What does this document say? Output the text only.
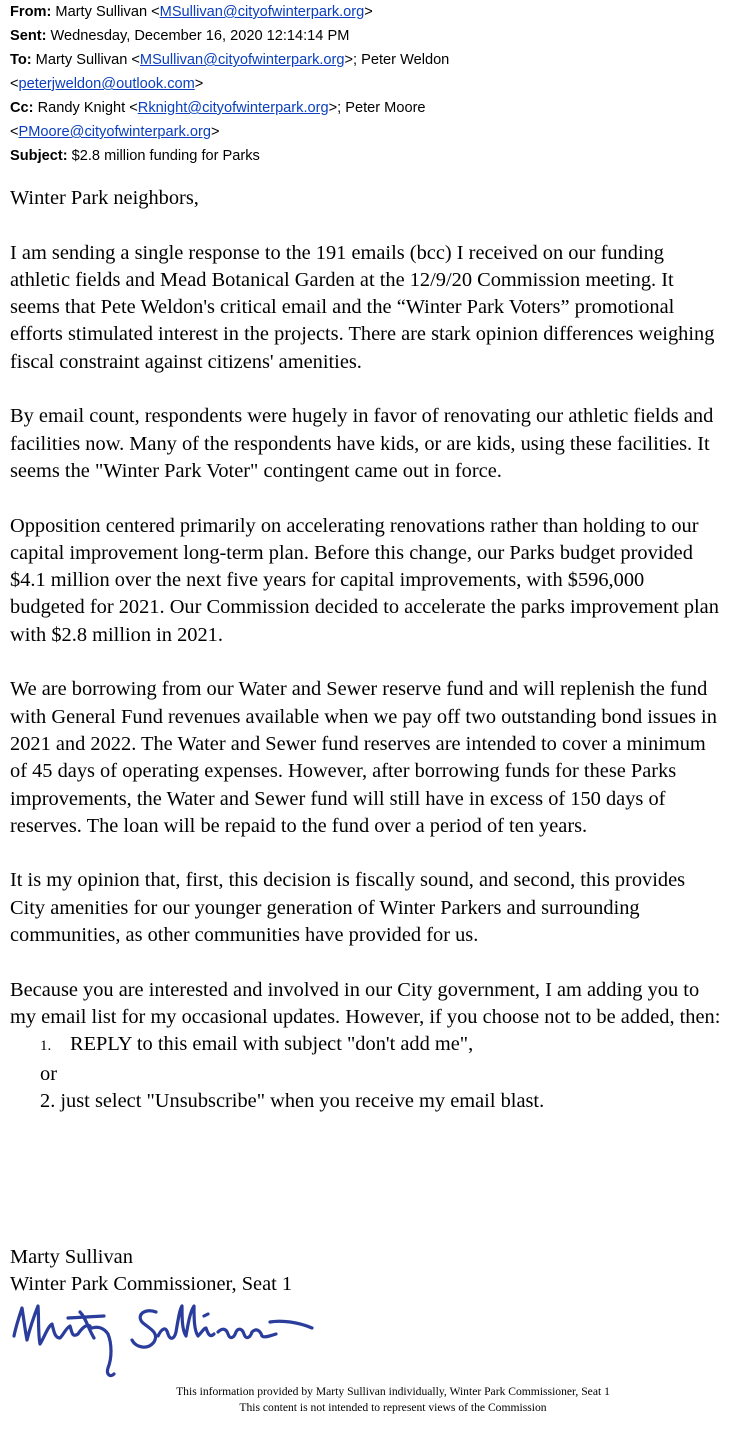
From: Marty Sullivan <MSullivan@cityofwinterpark.org>
Sent: Wednesday, December 16, 2020 12:14:14 PM
To: Marty Sullivan <MSullivan@cityofwinterpark.org>; Peter Weldon
<peterjweldon@outlook.com>
Cc: Randy Knight <Rknight@cityofwinterpark.org>; Peter Moore
<PMoore@cityofwinterpark.org>
Subject: $2.8 million funding for Parks

Winter Park neighbors,

I am sending a single response to the 191 emails (bcc) I received on our funding athletic fields and Mead Botanical Garden at the 12/9/20 Commission meeting. It seems that Pete Weldon's critical email and the “Winter Park Voters” promotional efforts stimulated interest in the projects. There are stark opinion differences weighing fiscal constraint against citizens' amenities.

By email count, respondents were hugely in favor of renovating our athletic fields and facilities now. Many of the respondents have kids, or are kids, using these facilities. It seems the "Winter Park Voter" contingent came out in force.

Opposition centered primarily on accelerating renovations rather than holding to our capital improvement long-term plan. Before this change, our Parks budget provided $4.1 million over the next five years for capital improvements, with $596,000 budgeted for 2021. Our Commission decided to accelerate the parks improvement plan with $2.8 million in 2021.

We are borrowing from our Water and Sewer reserve fund and will replenish the fund with General Fund revenues available when we pay off two outstanding bond issues in 2021 and 2022. The Water and Sewer fund reserves are intended to cover a minimum of 45 days of operating expenses. However, after borrowing funds for these Parks improvements, the Water and Sewer fund will still have in excess of 150 days of reserves. The loan will be repaid to the fund over a period of ten years.

It is my opinion that, first, this decision is fiscally sound, and second, this provides City amenities for our younger generation of Winter Parkers and surrounding communities, as other communities have provided for us.

Because you are interested and involved in our City government, I am adding you to my email list for my occasional updates. However, if you choose not to be added, then:
1. REPLY to this email with subject "don't add me",
or
2. just select "Unsubscribe" when you receive my email blast.
Marty Sullivan
Winter Park Commissioner, Seat 1
This information provided by Marty Sullivan individually, Winter Park Commissioner, Seat 1
This content is not intended to represent views of the Commission
